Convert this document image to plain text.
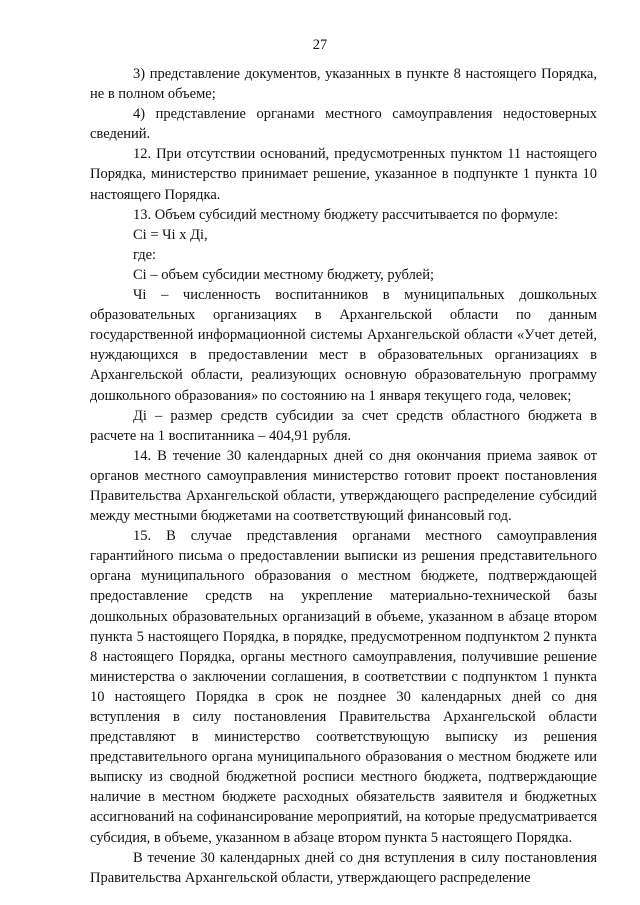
27

3) представление документов, указанных в пункте 8 настоящего Порядка, не в полном объеме;

4) представление органами местного самоуправления недостоверных сведений.

12. При отсутствии оснований, предусмотренных пунктом 11 настоящего Порядка, министерство принимает решение, указанное в подпункте 1 пункта 10 настоящего Порядка.

13. Объем субсидий местному бюджету рассчитывается по формуле:

Сi = Чi х Дi,

где:

Сi – объем субсидии местному бюджету, рублей;

Чi – численность воспитанников в муниципальных дошкольных образовательных организациях в Архангельской области по данным государственной информационной системы Архангельской области «Учет детей, нуждающихся в предоставлении мест в образовательных организациях в Архангельской области, реализующих основную образовательную программу дошкольного образования» по состоянию на 1 января текущего года, человек;

Дi – размер средств субсидии за счет средств областного бюджета в расчете на 1 воспитанника – 404,91 рубля.

14. В течение 30 календарных дней со дня окончания приема заявок от органов местного самоуправления министерство готовит проект постановления Правительства Архангельской области, утверждающего распределение субсидий между местными бюджетами на соответствующий финансовый год.

15. В случае представления органами местного самоуправления гарантийного письма о предоставлении выписки из решения представительного органа муниципального образования о местном бюджете, подтверждающей предоставление средств на укрепление материально-технической базы дошкольных образовательных организаций в объеме, указанном в абзаце втором пункта 5 настоящего Порядка, в порядке, предусмотренном подпунктом 2 пункта 8 настоящего Порядка, органы местного самоуправления, получившие решение министерства о заключении соглашения, в соответствии с подпунктом 1 пункта 10 настоящего Порядка в срок не позднее 30 календарных дней со дня вступления в силу постановления Правительства Архангельской области представляют в министерство соответствующую выписку из решения представительного органа муниципального образования о местном бюджете или выписку из сводной бюджетной росписи местного бюджета, подтверждающие наличие в местном бюджете расходных обязательств заявителя и бюджетных ассигнований на софинансирование мероприятий, на которые предусматривается субсидия, в объеме, указанном в абзаце втором пункта 5 настоящего Порядка.

В течение 30 календарных дней со дня вступления в силу постановления Правительства Архангельской области, утверждающего распределение
